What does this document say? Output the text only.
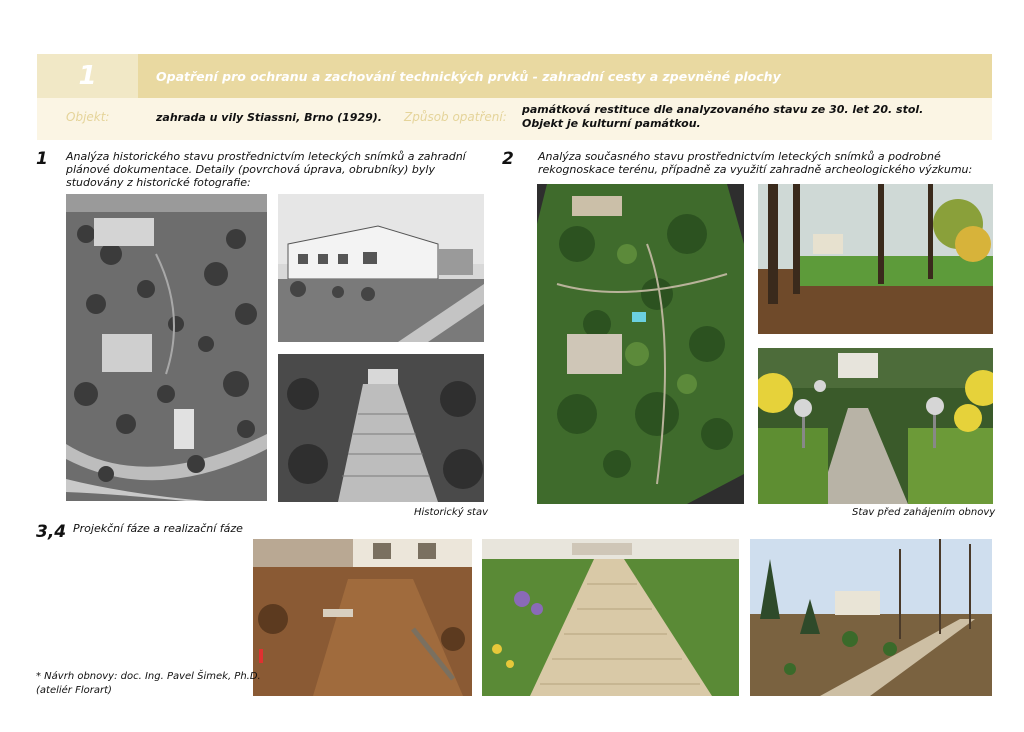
1	Opatření pro ochranu a zachování technických prvků - zahradní cesty a zpevněné plochy
Objekt:	zahrada u vily Stiassni, Brno (1929). Způsob opatření:
památková restituce dle analyzovaného stavu ze 30. let 20. stol.
Objekt je kulturní památkou.
1 Analýza historického stavu prostřednictvím leteckých snímků a zahradní plánové dokumentace. Detaily (povrchová úprava, obrubníky) byly studovány z historické fotografie:
2 Analýza současného stavu prostřednictvím leteckých snímků a podrobné rekognoskace terénu, případně za využití zahradně archeologického výzkumu:
Historický stav	Stav před zahájením obnovy
3,4 Projekční fáze a realizační fáze
* Návrh obnovy: doc. Ing. Pavel Šimek, Ph.D.
(ateliér Florart)
